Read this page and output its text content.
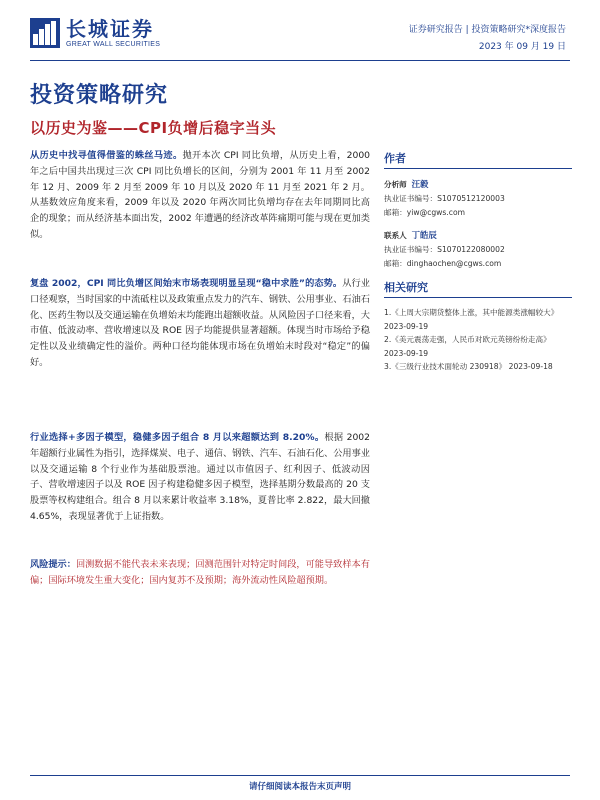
长城证券
GREAT WALL SECURITIES
证券研究报告 | 投资策略研究*深度报告
2023 年 09 月 19 日
投资策略研究
以历史为鉴——CPI负增后稳字当头

从历史中找寻值得借鉴的蛛丝马迹。抛开本次 CPI 同比负增，从历史上看，2000 年之后中国共出现过三次 CPI 同比负增长的区间，分别为 2001 年 11 月至 2002 年 12 月、2009 年 2 月至 2009 年 10 月以及 2020 年 11 月至 2021 年 2 月。从基数效应角度来看，2009 年以及 2020 年两次同比负增均存在去年同期同比高企的现象；而从经济基本面出发，2002 年遭遇的经济改革阵痛期可能与现在更加类似。

复盘 2002，CPI 同比负增区间始末市场表现明显呈现“稳中求胜”的态势。从行业口径观察，当时国家的中流砥柱以及政策重点发力的汽车、钢铁、公用事业、石油石化、医药生物以及交通运输在负增始末均能跑出超额收益。从风险因子口径来看，大市值、低波动率、营收增速以及 ROE 因子均能提供显著超额。体现当时市场给予稳定性以及业绩确定性的溢价。两种口径均能体现市场在负增始末时段对“稳定”的偏好。

行业选择+多因子模型，稳健多因子组合 8 月以来超额达到 8.20%。根据 2002 年超额行业属性为指引，选择煤炭、电子、通信、钢铁、汽车、石油石化、公用事业以及交通运输 8 个行业作为基础股票池。通过以市值因子、红利因子、低波动因子、营收增速因子以及 ROE 因子构建稳健多因子模型，选择基期分数最高的 20 支股票等权构建组合。组合 8 月以来累计收益率 3.18%，夏普比率 2.822，最大回撤 4.65%，表现显著优于上证指数。

风险提示：回测数据不能代表未来表现；回测范围针对特定时间段，可能导致样本有偏；国际环境发生重大变化；国内复苏不及预期；海外流动性风险超预期。

作者
分析师 汪毅
执业证书编号：S1070512120003
邮箱：yiw@cgws.com
联系人 丁皓辰
执业证书编号：S1070122080002
邮箱：dinghaochen@cgws.com
相关研究
1.《上周大宗期货整体上涨，其中能源类涨幅较大》
2023-09-19
2.《美元震荡走强，人民币对欧元英镑纷纷走高》
2023-09-19
3.《三级行业技术面轮动 230918》 2023-09-18
请仔细阅读本报告末页声明
